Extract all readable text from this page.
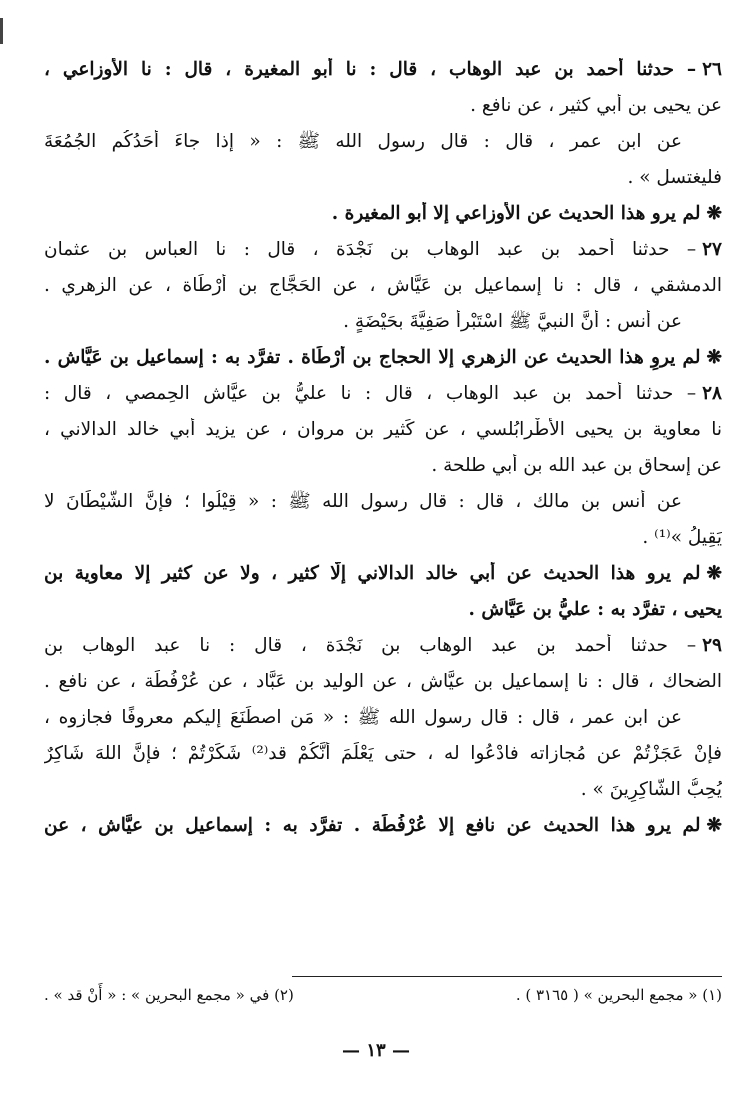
٢٦– حدثنا أحمد بن عبد الوهاب ، قال : نا أبو المغيرة ، قال : نا الأوزاعي ،
عن يحيى بن أبي كثير ، عن نافع .
عن ابن عمر ، قال : قال رسول الله ﷺ : « إذا جاءَ أَحَدُكُم الجُمُعَةَ
فليغتسل » .
❋لم يرو هذا الحديث عن الأوزاعي إلا أبو المغيرة .
٢٧– حدثنا أحمد بن عبد الوهاب بن نَجْدَة ، قال : نا العباس بن عثمان
الدمشقي ، قال : نا إسماعيل بن عَيَّاش ، عن الحَجَّاج بن أَرْطَاة ، عن الزهري .
عن أَنس : أنَّ النبيَّ ﷺ اسْتَبْرأ صَفِيَّةَ بحَيْضَةٍ .
❋لم يروِ هذا الحديث عن الزهري إلا الحجاج بن أَرْطَاة . تفرَّد به : إسماعيل بن عَيَّاش .
٢٨– حدثنا أحمد بن عبد الوهاب ، قال : نا عليُّ بن عيَّاش الحِمصي ، قال :
نا معاوية بن يحيى الأَطْرابُلسي ، عن كَثير بن مروان ، عن يزيد أبي خالد الدالاني ،
عن إسحاق بن عبد الله بن أبي طلحة .
عن أنس بن مالك ، قال : قال رسول الله ﷺ : « قِيْلُوا ؛ فإنَّ الشَّيْطَانَ لا
يَقِيلُ »⁽¹⁾ .
❋لم يرو هذا الحديث عن أبي خالد الدالاني إلَّا كثير ، ولا عن كثير إلا معاوية بن
يحيى ، تفرَّد به : عليُّ بن عَيَّاش .
٢٩– حدثنا أحمد بن عبد الوهاب بن نَجْدَة ، قال : نا عبد الوهاب بن
الضحاك ، قال : نا إسماعيل بن عيَّاش ، عن الوليد بن عَبَّاد ، عن عُرْفُطَة ، عن نافع .
عن ابن عمر ، قال : قال رسول الله ﷺ : « مَن اصطَنَعَ إليكم معروفًا فجازوه ،
فإنْ عَجَزْتُمْ عن مُجازاته فادْعُوا له ، حتى يَعْلَمَ أَنَّكُمْ قد⁽²⁾ شَكَرْتُمْ ؛ فإنَّ اللهَ شَاكِرٌ
يُحِبُّ الشَّاكِرِينَ » .
❋لم يرو هذا الحديث عن نافع إلا عُرْفُطَة . تفرَّد به : إسماعيل بن عيَّاش ، عن
(١) « مجمع البحرين » ( ٣١٦٥ ) .
(٢) في « مجمع البحرين » : « أَنْ قد » .
— ١٣ —
